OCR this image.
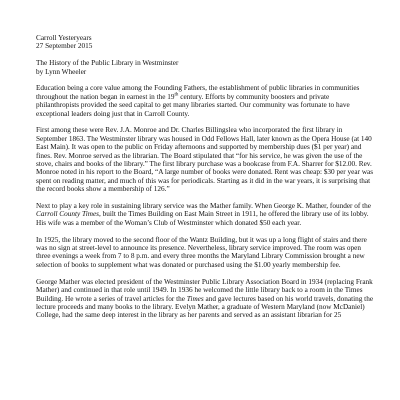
Carroll Yesteryears
27 September 2015
The History of the Public Library in Westminster
by Lynn Wheeler

Education being a core value among the Founding Fathers, the establishment of public libraries in communities throughout the nation began in earnest in the 19th century. Efforts by community boosters and private philanthropists provided the seed capital to get many libraries started. Our community was fortunate to have exceptional leaders doing just that in Carroll County.

First among these were Rev. J.A. Monroe and Dr. Charles Billingslea who incorporated the first library in September 1863. The Westminster library was housed in Odd Fellows Hall, later known as the Opera House (at 140 East Main). It was open to the public on Friday afternoons and supported by membership dues ($1 per year) and fines. Rev. Monroe served as the librarian. The Board stipulated that “for his service, he was given the use of the stove, chairs and books of the library.” The first library purchase was a bookcase from F.A. Sharrer for $12.00. Rev. Monroe noted in his report to the Board, “A large number of books were donated. Rent was cheap: $30 per year was spent on reading matter, and much of this was for periodicals. Starting as it did in the war years, it is surprising that the record books show a membership of 126.”

Next to play a key role in sustaining library service was the Mather family. When George K. Mather, founder of the Carroll County Times, built the Times Building on East Main Street in 1911, he offered the library use of its lobby. His wife was a member of the Woman’s Club of Westminster which donated $50 each year.

In 1925, the library moved to the second floor of the Wantz Building, but it was up a long flight of stairs and there was no sign at street-level to announce its presence. Nevertheless, library service improved. The room was open three evenings a week from 7 to 8 p.m. and every three months the Maryland Library Commission brought a new selection of books to supplement what was donated or purchased using the $1.00 yearly membership fee.

George Mather was elected president of the Westminster Public Library Association Board in 1934 (replacing Frank Mather) and continued in that role until 1949. In 1936 he welcomed the little library back to a room in the Times Building. He wrote a series of travel articles for the Times and gave lectures based on his world travels, donating the lecture proceeds and many books to the library. Evelyn Mather, a graduate of Western Maryland (now McDaniel) College, had the same deep interest in the library as her parents and served as an assistant librarian for 25
